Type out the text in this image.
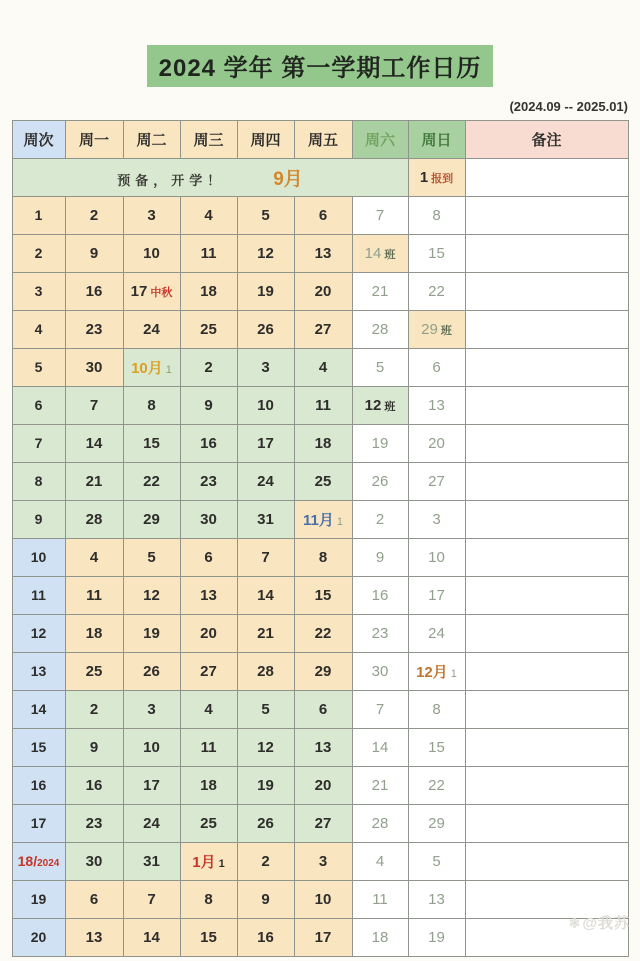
2024 学年 第一学期工作日历
(2024.09 -- 2025.01)
周次	周一	周二	周三	周四	周五	周六	周日	备注
预备，开学！ 9月							1 报到	
1	2	3	4	5	6	7	8	
2	9	10	11	12	13	14 班	15	
3	16	17 中秋	18	19	20	21	22	
4	23	24	25	26	27	28	29 班	
5	30	10月 1	2	3	4	5	6	
6	7	8	9	10	11	12 班	13	
7	14	15	16	17	18	19	20	
8	21	22	23	24	25	26	27	
9	28	29	30	31	11月 1	2	3	
10	4	5	6	7	8	9	10	
11	11	12	13	14	15	16	17	
12	18	19	20	21	22	23	24	
13	25	26	27	28	29	30	12月 1	
14	2	3	4	5	6	7	8	
15	9	10	11	12	13	14	15	
16	16	17	18	19	20	21	22	
17	23	24	25	26	27	28	29	
18/2024	30	31	1月 1	2	3	4	5	
19	6	7	8	9	10	11	13	
20	13	14	15	16	17	18	19	
❃@我苏
